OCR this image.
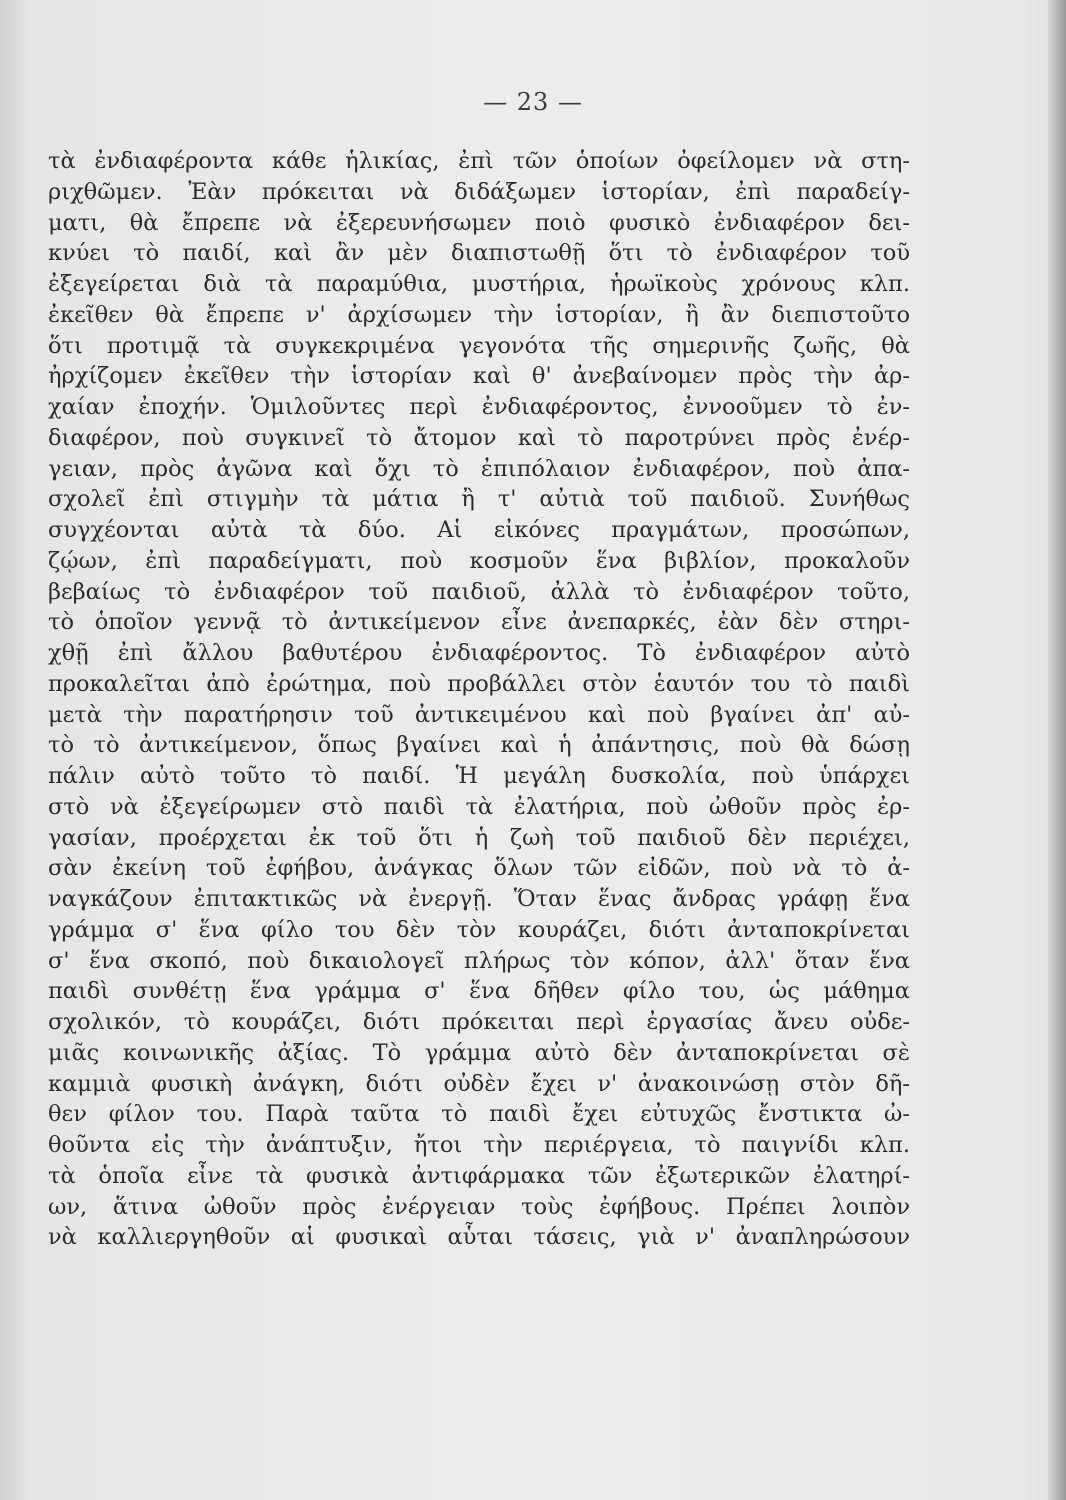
— 23 —
τὰ ἐνδιαφέροντα κάθε ἡλικίας, ἐπὶ τῶν ὁποίων ὀφείλομεν νὰ στη-
ριχθῶμεν. Ἐὰν πρόκειται νὰ διδάξωμεν ἱστορίαν, ἐπὶ παραδείγ-
ματι, θὰ ἔπρεπε νὰ ἐξερευνήσωμεν ποιὸ φυσικὸ ἐνδιαφέρον δει-
κνύει τὸ παιδί, καὶ ἂν μὲν διαπιστωθῇ ὅτι τὸ ἐνδιαφέρον τοῦ
ἐξεγείρεται διὰ τὰ παραμύθια, μυστήρια, ἡρωϊκοὺς χρόνους κλπ.
ἐκεῖθεν θὰ ἔπρεπε ν' ἀρχίσωμεν τὴν ἱστορίαν, ἢ ἂν διεπιστοῦτο
ὅτι προτιμᾷ τὰ συγκεκριμένα γεγονότα τῆς σημερινῆς ζωῆς, θὰ
ἠρχίζομεν ἐκεῖθεν τὴν ἱστορίαν καὶ θ' ἀνεβαίνομεν πρὸς τὴν ἀρ-
χαίαν ἐποχήν. Ὁμιλοῦντες περὶ ἐνδιαφέροντος, ἐννοοῦμεν τὸ ἐν-
διαφέρον, ποὺ συγκινεῖ τὸ ἄτομον καὶ τὸ παροτρύνει πρὸς ἐνέρ-
γειαν, πρὸς ἀγῶνα καὶ ὄχι τὸ ἐπιπόλαιον ἐνδιαφέρον, ποὺ ἀπα-
σχολεῖ ἐπὶ στιγμὴν τὰ μάτια ἢ τ' αὐτιὰ τοῦ παιδιοῦ. Συνήθως
συγχέονται αὐτὰ τὰ δύο. Αἱ εἰκόνες πραγμάτων, προσώπων,
ζῴων, ἐπὶ παραδείγματι, ποὺ κοσμοῦν ἕνα βιβλίον, προκαλοῦν
βεβαίως τὸ ἐνδιαφέρον τοῦ παιδιοῦ, ἀλλὰ τὸ ἐνδιαφέρον τοῦτο,
τὸ ὁποῖον γεννᾷ τὸ ἀντικείμενον εἶνε ἀνεπαρκές, ἐὰν δὲν στηρι-
χθῇ ἐπὶ ἄλλου βαθυτέρου ἐνδιαφέροντος. Τὸ ἐνδιαφέρον αὐτὸ
προκαλεῖται ἀπὸ ἐρώτημα, ποὺ προβάλλει στὸν ἑαυτόν του τὸ παιδὶ
μετὰ τὴν παρατήρησιν τοῦ ἀντικειμένου καὶ ποὺ βγαίνει ἀπ' αὐ-
τὸ τὸ ἀντικείμενον, ὅπως βγαίνει καὶ ἡ ἀπάντησις, ποὺ θὰ δώσῃ
πάλιν αὐτὸ τοῦτο τὸ παιδί. Ἡ μεγάλη δυσκολία, ποὺ ὑπάρχει
στὸ νὰ ἐξεγείρωμεν στὸ παιδὶ τὰ ἐλατήρια, ποὺ ὠθοῦν πρὸς ἐρ-
γασίαν, προέρχεται ἐκ τοῦ ὅτι ἡ ζωὴ τοῦ παιδιοῦ δὲν περιέχει,
σὰν ἐκείνη τοῦ ἐφήβου, ἀνάγκας ὅλων τῶν εἰδῶν, ποὺ νὰ τὸ ἀ-
ναγκάζουν ἐπιτακτικῶς νὰ ἐνεργῇ. Ὅταν ἕνας ἄνδρας γράφῃ ἕνα
γράμμα σ' ἕνα φίλο του δὲν τὸν κουράζει, διότι ἀνταποκρίνεται
σ' ἕνα σκοπό, ποὺ δικαιολογεῖ πλήρως τὸν κόπον, ἀλλ' ὅταν ἕνα
παιδὶ συνθέτῃ ἕνα γράμμα σ' ἕνα δῆθεν φίλο του, ὡς μάθημα
σχολικόν, τὸ κουράζει, διότι πρόκειται περὶ ἐργασίας ἄνευ οὐδε-
μιᾶς κοινωνικῆς ἀξίας. Τὸ γράμμα αὐτὸ δὲν ἀνταποκρίνεται σὲ
καμμιὰ φυσικὴ ἀνάγκη, διότι οὐδὲν ἔχει ν' ἀνακοινώσῃ στὸν δῆ-
θεν φίλον του. Παρὰ ταῦτα τὸ παιδὶ ἔχει εὐτυχῶς ἔνστικτα ὠ-
θοῦντα εἰς τὴν ἀνάπτυξιν, ἤτοι τὴν περιέργεια, τὸ παιγνίδι κλπ.
τὰ ὁποῖα εἶνε τὰ φυσικὰ ἀντιφάρμακα τῶν ἐξωτερικῶν ἐλατηρί-
ων, ἅτινα ὠθοῦν πρὸς ἐνέργειαν τοὺς ἐφήβους. Πρέπει λοιπὸν
νὰ καλλιεργηθοῦν αἱ φυσικαὶ αὗται τάσεις, γιὰ ν' ἀναπληρώσουν
